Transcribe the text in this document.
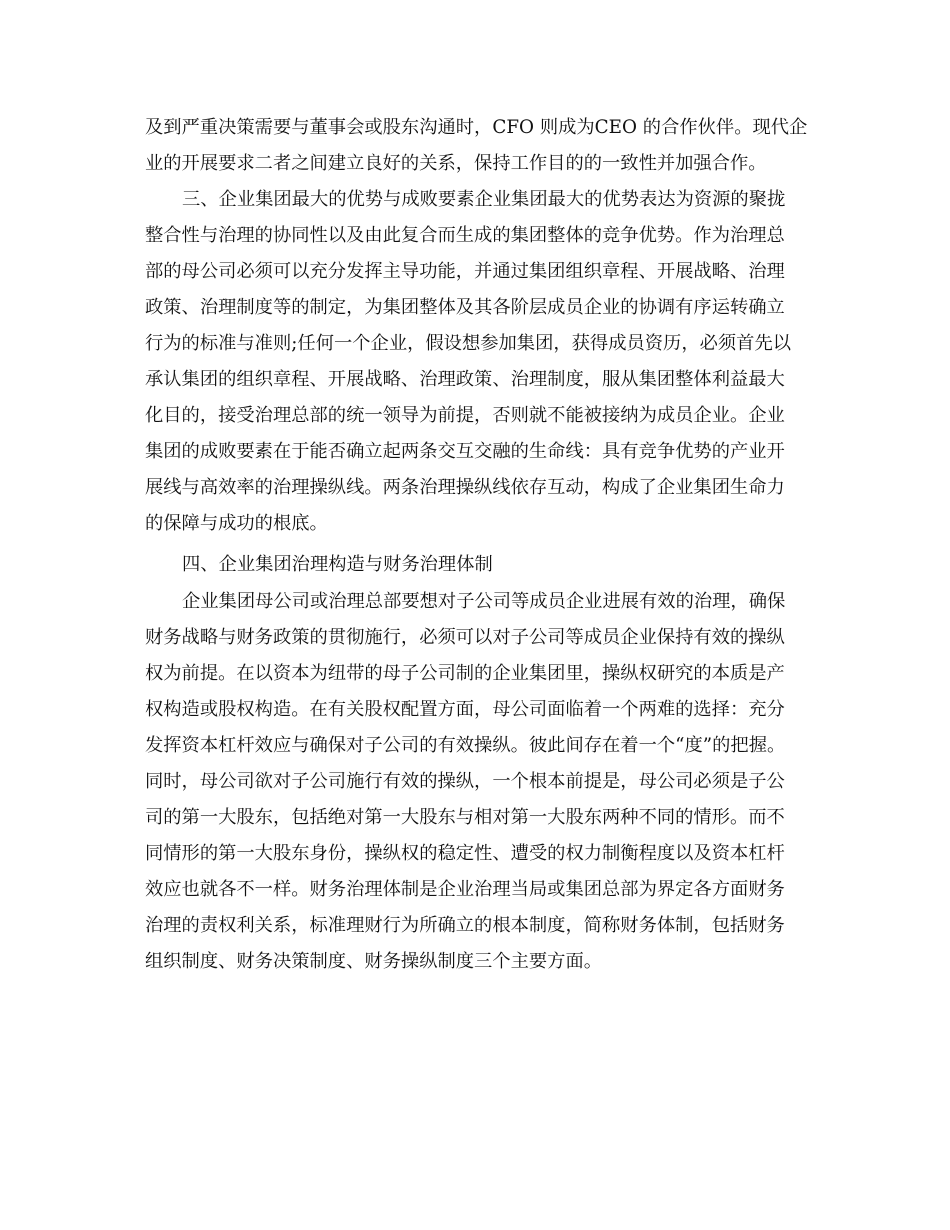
及到严重决策需要与董事会或股东沟通时，CFO 则成为CEO 的合作伙伴。现代企
业的开展要求二者之间建立良好的关系，保持工作目的的一致性并加强合作。
三、企业集团最大的优势与成败要素企业集团最大的优势表达为资源的聚拢
整合性与治理的协同性以及由此复合而生成的集团整体的竞争优势。作为治理总
部的母公司必须可以充分发挥主导功能，并通过集团组织章程、开展战略、治理
政策、治理制度等的制定，为集团整体及其各阶层成员企业的协调有序运转确立
行为的标准与准则;任何一个企业，假设想参加集团，获得成员资历，必须首先以
承认集团的组织章程、开展战略、治理政策、治理制度，服从集团整体利益最大
化目的，接受治理总部的统一领导为前提，否则就不能被接纳为成员企业。企业
集团的成败要素在于能否确立起两条交互交融的生命线：具有竞争优势的产业开
展线与高效率的治理操纵线。两条治理操纵线依存互动，构成了企业集团生命力
的保障与成功的根底。
四、企业集团治理构造与财务治理体制
企业集团母公司或治理总部要想对子公司等成员企业进展有效的治理，确保
财务战略与财务政策的贯彻施行，必须可以对子公司等成员企业保持有效的操纵
权为前提。在以资本为纽带的母子公司制的企业集团里，操纵权研究的本质是产
权构造或股权构造。在有关股权配置方面，母公司面临着一个两难的选择：充分
发挥资本杠杆效应与确保对子公司的有效操纵。彼此间存在着一个“度”的把握。
同时，母公司欲对子公司施行有效的操纵，一个根本前提是，母公司必须是子公
司的第一大股东，包括绝对第一大股东与相对第一大股东两种不同的情形。而不
同情形的第一大股东身份，操纵权的稳定性、遭受的权力制衡程度以及资本杠杆
效应也就各不一样。财务治理体制是企业治理当局或集团总部为界定各方面财务
治理的责权利关系，标准理财行为所确立的根本制度，简称财务体制，包括财务
组织制度、财务决策制度、财务操纵制度三个主要方面。
